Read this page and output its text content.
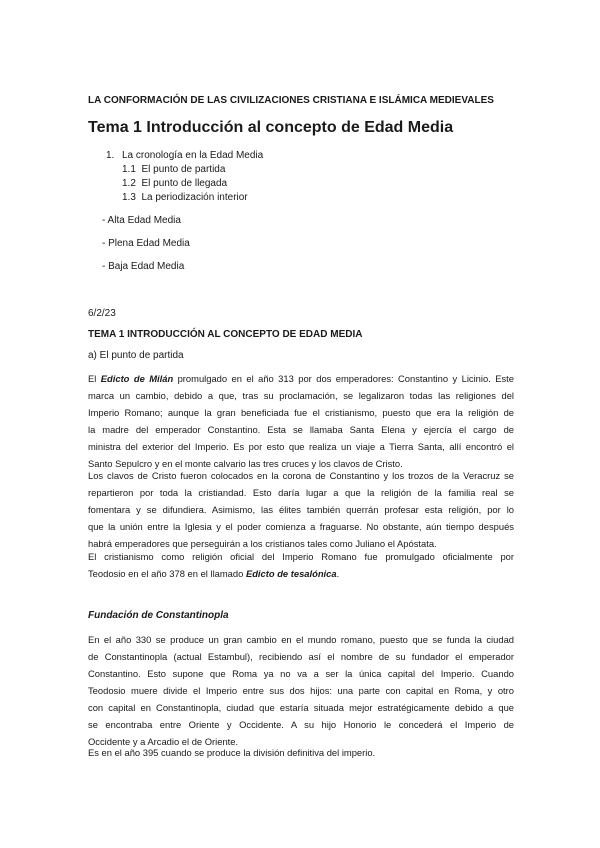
LA CONFORMACIÓN DE LAS CIVILIZACIONES CRISTIANA E ISLÁMICA MEDIEVALES
Tema 1 Introducción al concepto de Edad Media
1. La cronología en la Edad Media
1.1 El punto de partida
1.2 El punto de llegada
1.3 La periodización interior
- Alta Edad Media
- Plena Edad Media
- Baja Edad Media
6/2/23
TEMA 1 INTRODUCCIÓN AL CONCEPTO DE EDAD MEDIA
a) El punto de partida
El Edicto de Milán promulgado en el año 313 por dos emperadores: Constantino y Licinio. Este
marca un cambio, debido a que, tras su proclamación, se legalizaron todas las religiones del
Imperio Romano; aunque la gran beneficiada fue el cristianismo, puesto que era la religión de
la madre del emperador Constantino. Esta se llamaba Santa Elena y ejercía el cargo de
ministra del exterior del Imperio. Es por esto que realiza un viaje a Tierra Santa, allí encontró el
Santo Sepulcro y en el monte calvario las tres cruces y los clavos de Cristo.
Los clavos de Cristo fueron colocados en la corona de Constantino y los trozos de la Veracruz se
repartieron por toda la cristiandad. Esto daría lugar a que la religión de la familia real se
fomentara y se difundiera. Asimismo, las élites también querrán profesar esta religión, por lo
que la unión entre la Iglesia y el poder comienza a fraguarse. No obstante, aún tiempo después
habrá emperadores que perseguirán a los cristianos tales como Juliano el Apóstata.
El cristianismo como religión oficial del Imperio Romano fue promulgado oficialmente por
Teodosio en el año 378 en el llamado Edicto de tesalónica.
Fundación de Constantinopla
En el año 330 se produce un gran cambio en el mundo romano, puesto que se funda la ciudad
de Constantinopla (actual Estambul), recibiendo así el nombre de su fundador el emperador
Constantino. Esto supone que Roma ya no va a ser la única capital del Imperio. Cuando
Teodosio muere divide el Imperio entre sus dos hijos: una parte con capital en Roma, y otro
con capital en Constantinopla, ciudad que estaría situada mejor estratégicamente debido a que
se encontraba entre Oriente y Occidente. A su hijo Honorio le concederá el Imperio de
Occidente y a Arcadio el de Oriente.
Es en el año 395 cuando se produce la división definitiva del imperio.
